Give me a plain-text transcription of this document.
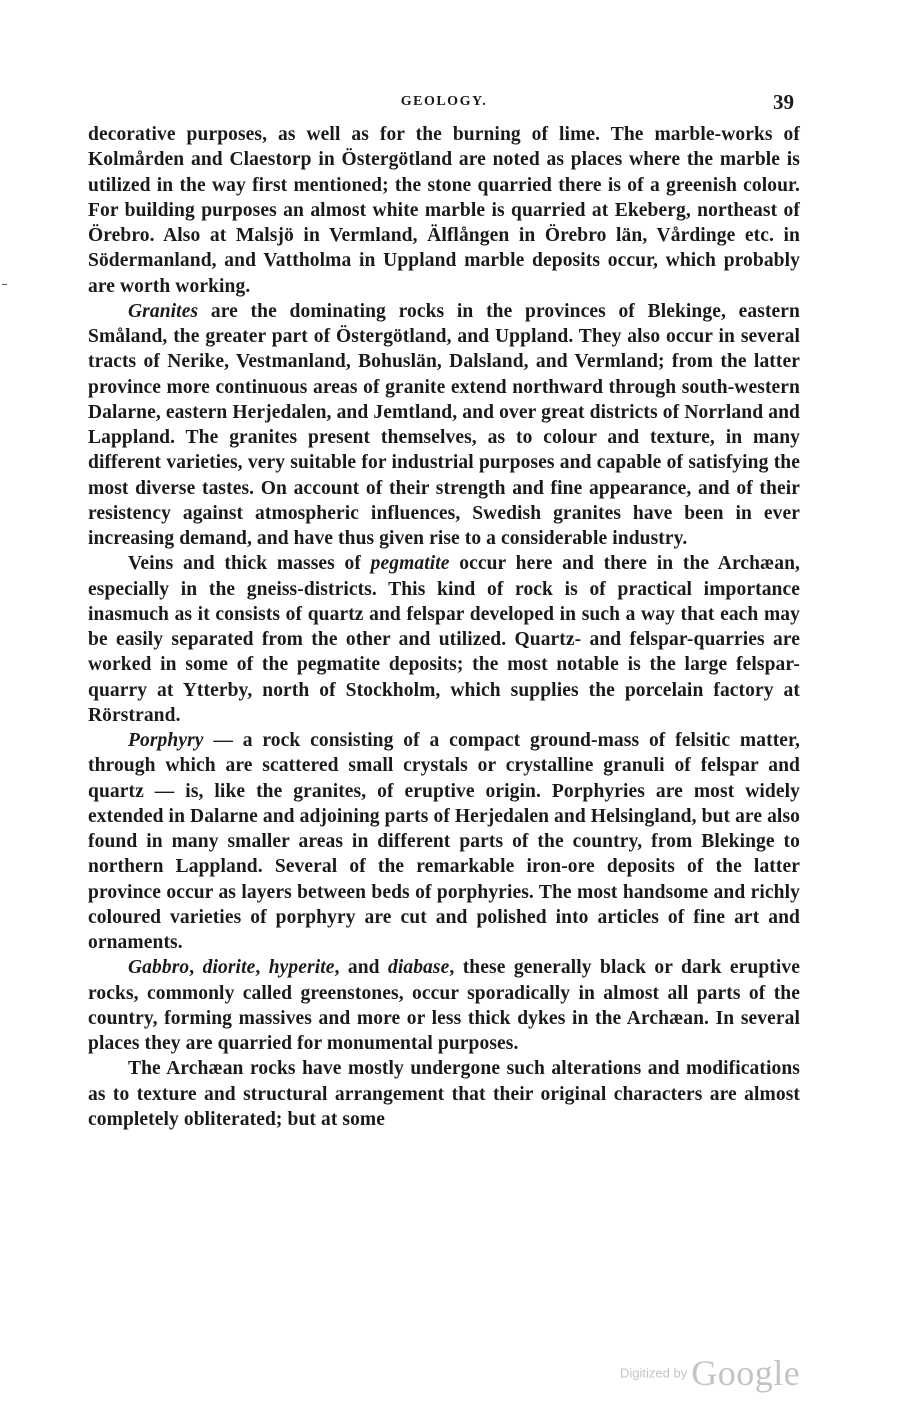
GEOLOGY.	39

decorative purposes, as well as for the burning of lime. The marble-works of Kolmården and Claestorp in Östergötland are noted as places where the marble is utilized in the way first mentioned; the stone quarried there is of a greenish colour. For building purposes an almost white marble is quarried at Ekeberg, northeast of Örebro. Also at Malsjö in Vermland, Älflången in Örebro län, Vårdinge etc. in Södermanland, and Vattholma in Uppland marble deposits occur, which probably are worth working.

Granites are the dominating rocks in the provinces of Blekinge, eastern Småland, the greater part of Östergötland, and Uppland. They also occur in several tracts of Nerike, Vestmanland, Bohuslän, Dalsland, and Vermland; from the latter province more continuous areas of granite extend northward through south-western Dalarne, eastern Herjedalen, and Jemtland, and over great districts of Norrland and Lappland. The granites present themselves, as to colour and texture, in many different varieties, very suitable for industrial purposes and capable of satisfying the most diverse tastes. On account of their strength and fine appearance, and of their resistency against atmospheric influences, Swedish granites have been in ever increasing demand, and have thus given rise to a considerable industry.

Veins and thick masses of pegmatite occur here and there in the Archæan, especially in the gneiss-districts. This kind of rock is of practical importance inasmuch as it consists of quartz and felspar developed in such a way that each may be easily separated from the other and utilized. Quartz- and felspar-quarries are worked in some of the pegmatite deposits; the most notable is the large felspar-quarry at Ytterby, north of Stockholm, which supplies the porcelain factory at Rörstrand.

Porphyry — a rock consisting of a compact ground-mass of felsitic matter, through which are scattered small crystals or crystalline granuli of felspar and quartz — is, like the granites, of eruptive origin. Porphyries are most widely extended in Dalarne and adjoining parts of Herjedalen and Helsingland, but are also found in many smaller areas in different parts of the country, from Blekinge to northern Lappland. Several of the remarkable iron-ore deposits of the latter province occur as layers between beds of porphyries. The most handsome and richly coloured varieties of porphyry are cut and polished into articles of fine art and ornaments.

Gabbro, diorite, hyperite, and diabase, these generally black or dark eruptive rocks, commonly called greenstones, occur sporadically in almost all parts of the country, forming massives and more or less thick dykes in the Archæan. In several places they are quarried for monumental purposes.

The Archæan rocks have mostly undergone such alterations and modifications as to texture and structural arrangement that their original characters are almost completely obliterated; but at some

Digitized by Google
